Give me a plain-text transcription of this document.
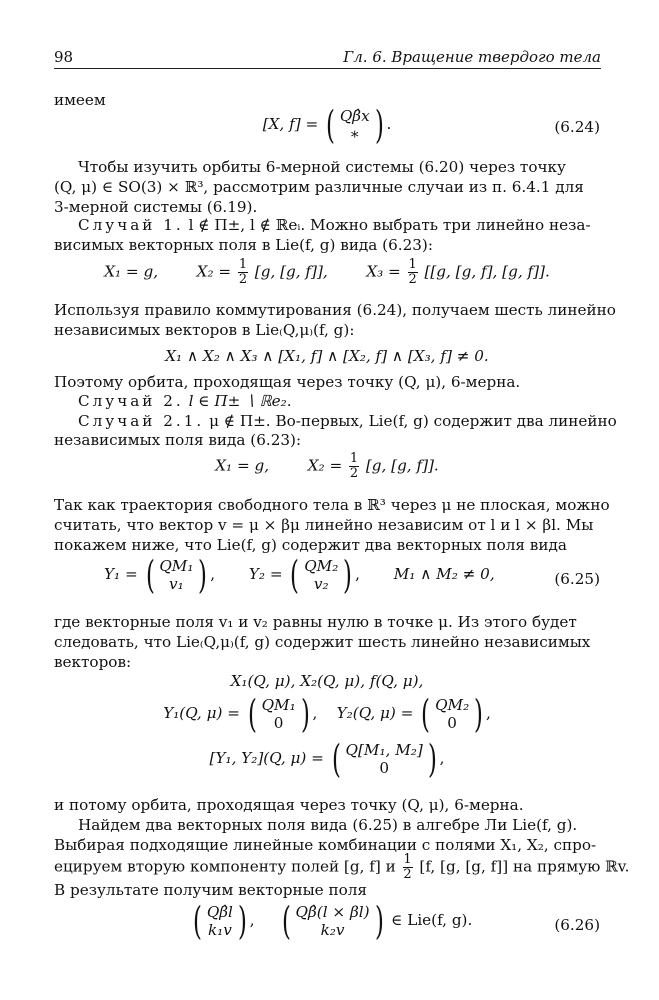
98	Гл. 6. Вращение твердого тела
имеем
[X, f] = ( Qβ̂x
∗ ) .	(6.24)
Чтобы изучить орбиты 6-мерной системы (6.20) через точку
(Q, μ) ∈ SO(3) × ℝ³, рассмотрим различные случаи из п. 6.4.1 для
3-мерной системы (6.19).
Случай 1. l ∉ Π±, l ∉ ℝeᵢ. Можно выбрать три линейно неза-
висимых векторных поля в Lie(f, g) вида (6.23):
X₁ = g,	$X_2 = \frac{1}{2} [g$, [g, f]],	$X_3 = \frac{1}{2} [[g$, [g, f], [g, f]].
Используя правило коммутирования (6.24), получаем шесть линейно
независимых векторов в Lie₍Q,μ₎(f, g):
X₁ ∧ X₂ ∧ X₃ ∧ [X₁, f] ∧ [X₂, f] ∧ [X₃, f] ≠ 0.
Поэтому орбита, проходящая через точку (Q, μ), 6-мерна.
Случай 2. l ∈ Π± ∖ ℝe₂.
Случай 2.1. μ ∉ Π±. Во-первых, Lie(f, g) содержит два линейно
независимых поля вида (6.23):
X₁ = g,	$X_2 = \frac{1}{2} [g$, [g, f]].
Так как траектория свободного тела в ℝ³ через μ не плоская, можно
считать, что вектор v = μ × βμ линейно независим от l и l × βl. Мы
покажем ниже, что Lie(f, g) содержит два векторных поля вида
Y₁ = ( QM₁
v₁ ) ,       Y₂ = ( QM₂
v₂ ) ,       M₁ ∧ M₂ ≠ 0,	(6.25)
где векторные поля v₁ и v₂ равны нулю в точке μ. Из этого будет
следовать, что Lie₍Q,μ₎(f, g) содержит шесть линейно независимых
векторов:
X₁(Q, μ), X₂(Q, μ), f(Q, μ),
Y₁(Q, μ) = ( QM₁
0 ) ,    Y₂(Q, μ) = ( QM₂
0 ) ,
[Y₁, Y₂](Q, μ) = ( Q[M₁, M₂]
0 ) ,
и потому орбита, проходящая через точку (Q, μ), 6-мерна.
Найдем два векторных поля вида (6.25) в алгебре Ли Lie(f, g).
Выбирая подходящие линейные комбинации с полями X₁, X₂, спро-
ецируем вторую компоненту полей [g, f] и $\frac{1}{2} [f$, [g, [g, f]] на прямую ℝv.
В результате получим векторные поля
( Qβ̂l
k₁v ) , ( Qβ̂(l × βl)
k₂v ) ∈ Lie(f, g).	(6.26)
